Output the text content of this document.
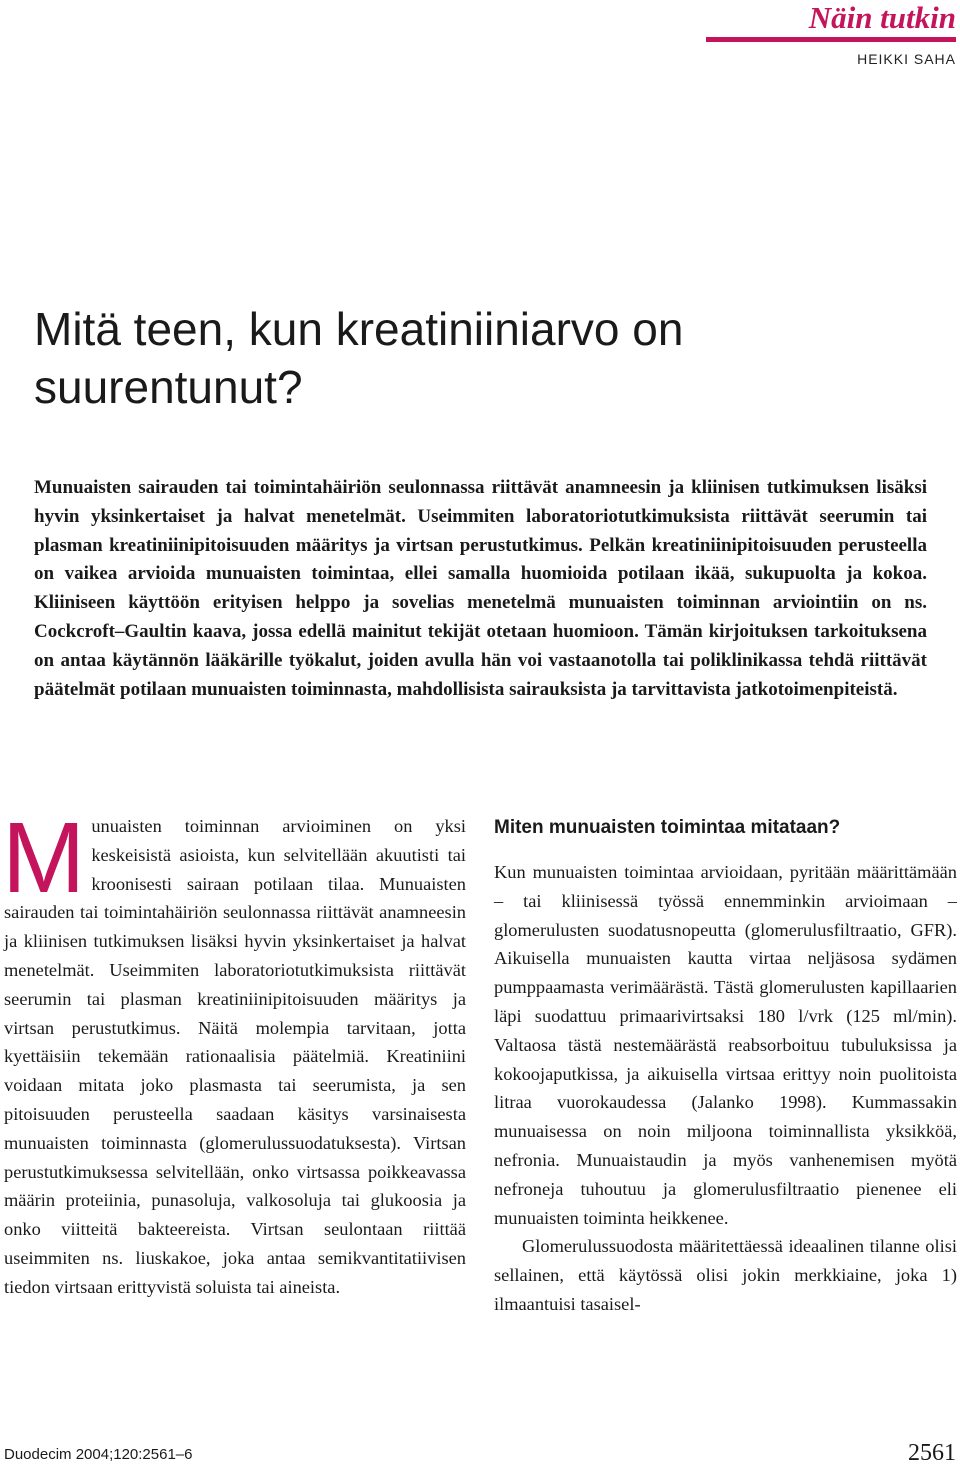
Näin tutkin
HEIKKI SAHA
Mitä teen, kun kreatiniiniarvo on suurentunut?

Munuaisten sairauden tai toimintahäiriön seulonnassa riittävät anamneesin ja kliinisen tutkimuksen lisäksi hyvin yksinkertaiset ja halvat menetelmät. Useimmiten laboratoriotutkimuksista riittävät seerumin tai plasman kreatiniinipitoisuuden määritys ja virtsan perustutkimus. Pelkän kreatiniinipitoisuuden perusteella on vaikea arvioida munuaisten toimintaa, ellei samalla huomioida potilaan ikää, sukupuolta ja kokoa. Kliiniseen käyttöön erityisen helppo ja sovelias menetelmä munuaisten toiminnan arviointiin on ns. Cockcroft–Gaultin kaava, jossa edellä mainitut tekijät otetaan huomioon. Tämän kirjoituksen tarkoituksena on antaa käytännön lääkärille työkalut, joiden avulla hän voi vastaanotolla tai poliklinikassa tehdä riittävät päätelmät potilaan munuaisten toiminnasta, mahdollisista sairauksista ja tarvittavista jatkotoimenpiteistä.

Munuaisten toiminnan arvioiminen on yksi keskeisistä asioista, kun selvitellään akuutisti tai kroonisesti sairaan potilaan tilaa. Munuaisten sairauden tai toimintahäiriön seulonnassa riittävät anamneesin ja kliinisen tutkimuksen lisäksi hyvin yksinkertaiset ja halvat menetelmät. Useimmiten laboratoriotutkimuksista riittävät seerumin tai plasman kreatiniinipitoisuuden määritys ja virtsan perustutkimus. Näitä molempia tarvitaan, jotta kyettäisiin tekemään rationaalisia päätelmiä. Kreatiniini voidaan mitata joko plasmasta tai seerumista, ja sen pitoisuuden perusteella saadaan käsitys varsinaisesta munuaisten toiminnasta (glomerulussuodatuksesta). Virtsan perustutkimuksessa selvitellään, onko virtsassa poikkeavassa määrin proteiinia, punasoluja, valkosoluja tai glukoosia ja onko viitteitä bakteereista. Virtsan seulontaan riittää useimmiten ns. liuskakoe, joka antaa semikvantitatiivisen tiedon virtsaan erittyvistä soluista tai aineista.

Miten munuaisten toimintaa mitataan?

Kun munuaisten toimintaa arvioidaan, pyritään määrittämään – tai kliinisessä työssä ennemminkin arvioimaan – glomerulusten suodatusnopeutta (glomerulusfiltraatio, GFR). Aikuisella munuaisten kautta virtaa neljäsosa sydämen pumppaamasta verimäärästä. Tästä glomerulusten kapillaarien läpi suodattuu primaarivirtsaksi 180 l/vrk (125 ml/min). Valtaosa tästä nestemäärästä reabsorboituu tubuluksissa ja kokoojaputkissa, ja aikuisella virtsaa erittyy noin puolitoista litraa vuorokaudessa (Jalanko 1998). Kummassakin munuaisessa on noin miljoona toiminnallista yksikköä, nefronia. Munuaistaudin ja myös vanhenemisen myötä nefroneja tuhoutuu ja glomerulusfiltraatio pienenee eli munuaisten toiminta heikkenee.

Glomerulussuodosta määritettäessä ideaalinen tilanne olisi sellainen, että käytössä olisi jokin merkkiaine, joka 1) ilmaantuisi tasaisel-

Duodecim 2004;120:2561–6	2561
